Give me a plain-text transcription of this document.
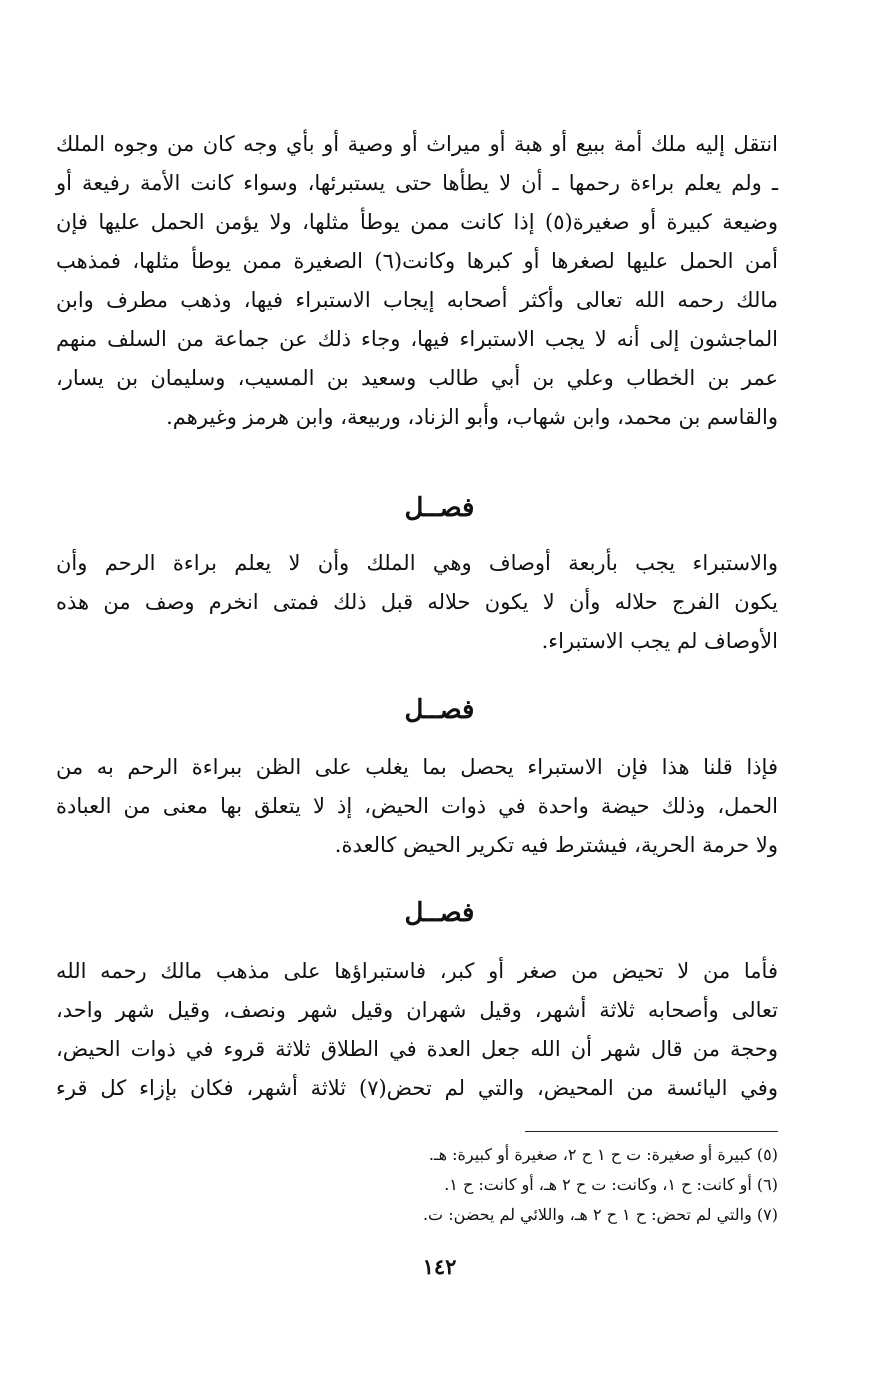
انتقل إليه ملك أمة ببيع أو هبة أو ميراث أو وصية أو بأي وجه كان من وجوه الملك
ـ ولم يعلم براءة رحمها ـ أن لا يطأها حتى يستبرئها، وسواء كانت الأمة رفيعة أو
وضيعة كبيرة أو صغيرة(٥) إذا كانت ممن يوطأ مثلها، ولا يؤمن الحمل عليها فإن
أمن الحمل عليها لصغرها أو كبرها وكانت(٦) الصغيرة ممن يوطأ مثلها، فمذهب
مالك رحمه الله تعالى وأكثر أصحابه إيجاب الاستبراء فيها، وذهب مطرف وابن
الماجشون إلى أنه لا يجب الاستبراء فيها، وجاء ذلك عن جماعة من السلف منهم
عمر بن الخطاب وعلي بن أبي طالب وسعيد بن المسيب، وسليمان بن يسار،
والقاسم بن محمد، وابن شهاب، وأبو الزناد، وربيعة، وابن هرمز وغيرهم.
فصــل
والاستبراء يجب بأربعة أوصاف وهي الملك وأن لا يعلم براءة الرحم وأن
يكون الفرج حلاله وأن لا يكون حلاله قبل ذلك فمتى انخرم وصف من هذه
الأوصاف لم يجب الاستبراء.
فصــل
فإذا قلنا هذا فإن الاستبراء يحصل بما يغلب على الظن ببراءة الرحم به من
الحمل، وذلك حيضة واحدة في ذوات الحيض، إذ لا يتعلق بها معنى من العبادة
ولا حرمة الحرية، فيشترط فيه تكرير الحيض كالعدة.
فصــل
فأما من لا تحيض من صغر أو كبر، فاستبراؤها على مذهب مالك رحمه الله
تعالى وأصحابه ثلاثة أشهر، وقيل شهران وقيل شهر ونصف، وقيل شهر واحد،
وحجة من قال شهر أن الله جعل العدة في الطلاق ثلاثة قروء في ذوات الحيض،
وفي اليائسة من المحيض، والتي لم تحض(٧) ثلاثة أشهر، فكان بإزاء كل قرء
(٥) كبيرة أو صغيرة: ت ح ١ ح ٢، صغيرة أو كبيرة: هـ.
(٦) أو كانت: ح ١، وكانت: ت ح ٢ هـ، أو كانت: ح ١.
(٧) والتي لم تحض: ح ١ ح ٢ هـ، واللائي لم يحضن: ت.
١٤٢
